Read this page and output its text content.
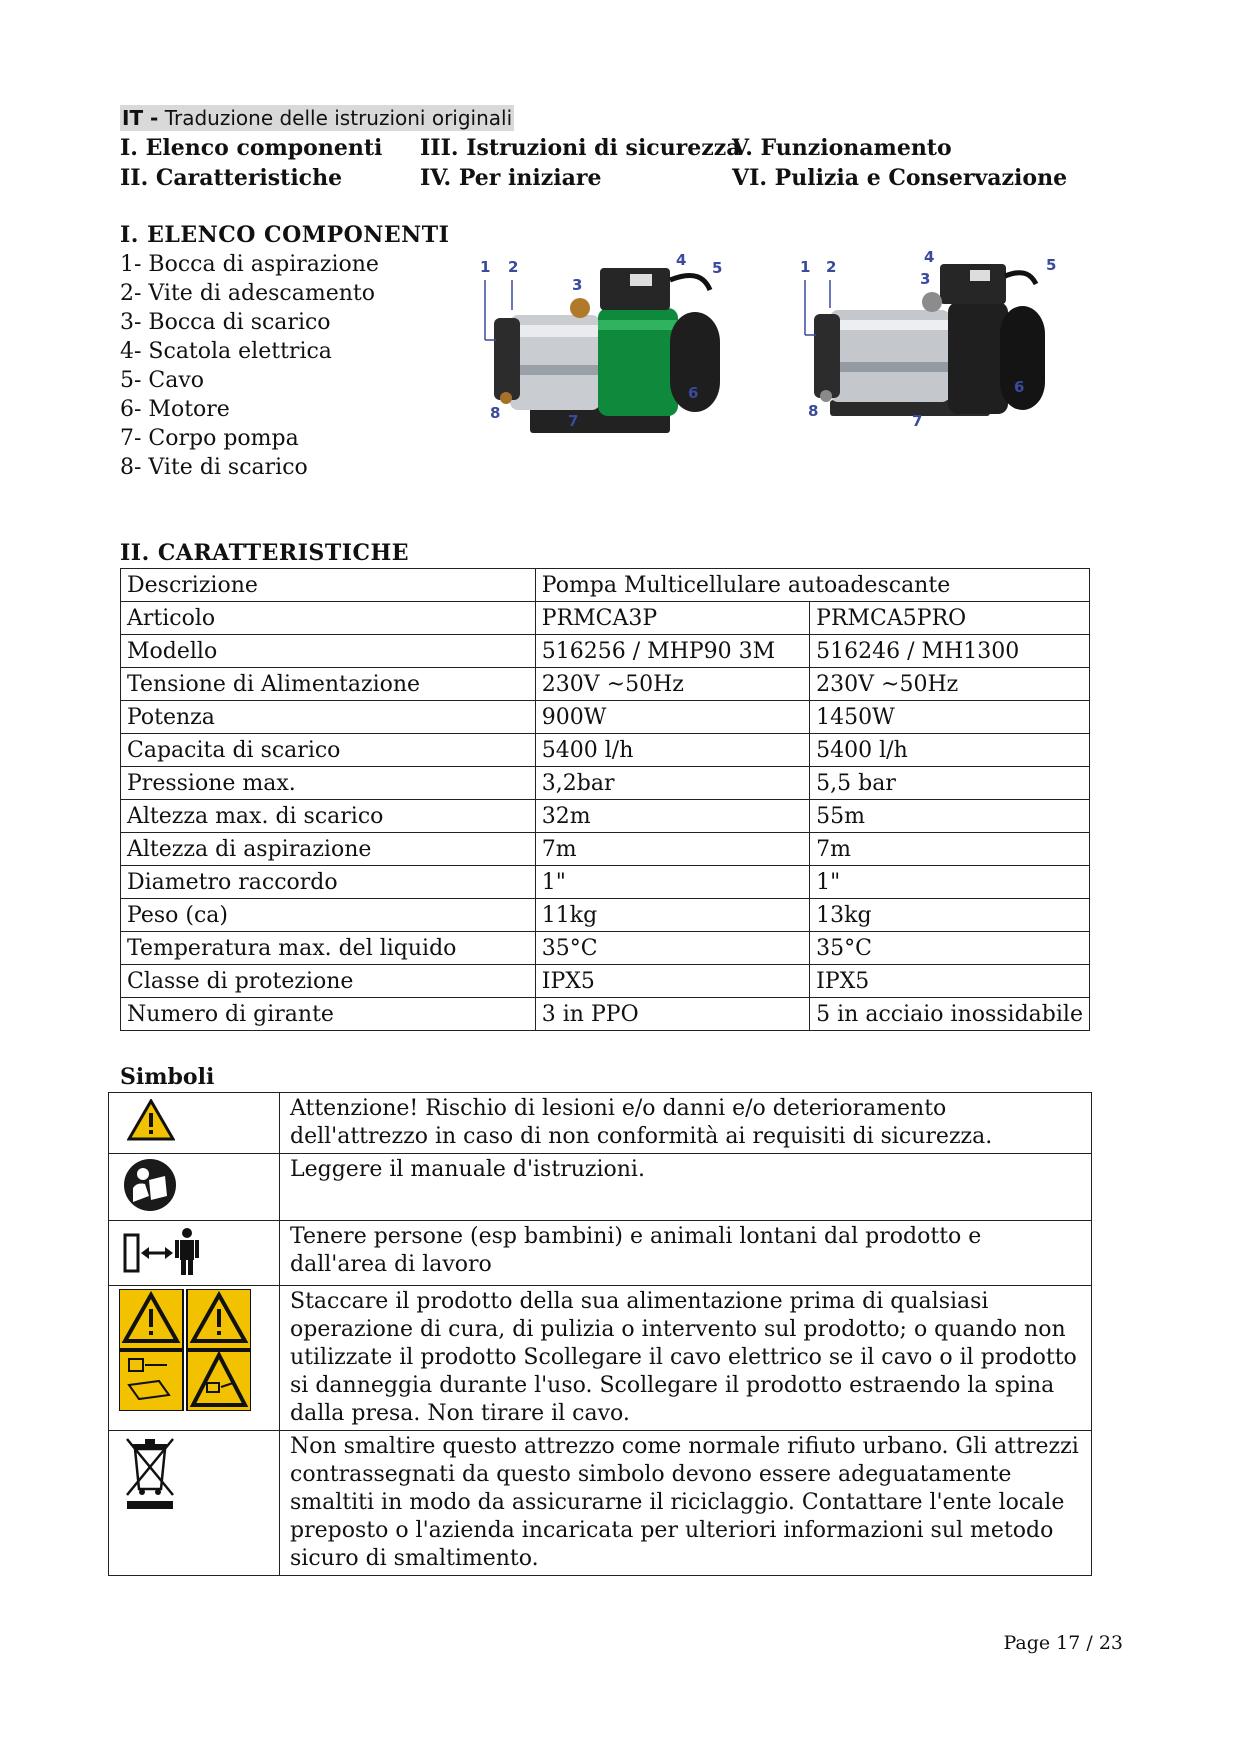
IT - Traduzione delle istruzioni originali
I. Elenco componenti
II. Caratteristiche
III. Istruzioni di sicurezza
IV. Per iniziare
V. Funzionamento
VI. Pulizia e Conservazione
I. ELENCO COMPONENTI
1- Bocca di aspirazione
2- Vite di adescamento
3- Bocca di scarico
4- Scatola elettrica
5- Cavo
6- Motore
7- Corpo pompa
8- Vite di scarico
1 2
3
4 5
6
7
8
1 2
3
4	5
6
7
8
II. CARATTERISTICHE
Descrizione	Pompa Multicellulare autoadescante	
Articolo	PRMCA3P	PRMCA5PRO
Modello	516256 / MHP90 3M	516246 / MH1300
Tensione di Alimentazione	230V ~50Hz	230V ~50Hz
Potenza	900W	1450W
Capacita di scarico	5400 l/h	5400 l/h
Pressione max.	3,2bar	5,5 bar
Altezza max. di scarico	32m	55m
Altezza di aspirazione	7m	7m
Diametro raccordo	1"	1"
Peso (ca)	11kg	13kg
Temperatura max. del liquido	35°C	35°C
Classe di protezione	IPX5	IPX5
Numero di girante	3 in PPO	5 in acciaio inossidabile
Simboli
	Attenzione! Rischio di lesioni e/o danni e/o deterioramento dell'attrezzo in caso di non conformità ai requisiti di sicurezza.
	Leggere il manuale d'istruzioni.
	Tenere persone (esp bambini) e animali lontani dal prodotto e dall'area di lavoro
	Staccare il prodotto della sua alimentazione prima di qualsiasi operazione di cura, di pulizia o intervento sul prodotto; o quando non utilizzate il prodotto Scollegare il cavo elettrico se il cavo o il prodotto si danneggia durante l'uso. Scollegare il prodotto estraendo la spina dalla presa. Non tirare il cavo.
	Non smaltire questo attrezzo come normale rifiuto urbano. Gli attrezzi contrassegnati da questo simbolo devono essere adeguatamente smaltiti in modo da assicurarne il riciclaggio. Contattare l'ente locale preposto o l'azienda incaricata per ulteriori informazioni sul metodo sicuro di smaltimento.
Page 17 / 23
